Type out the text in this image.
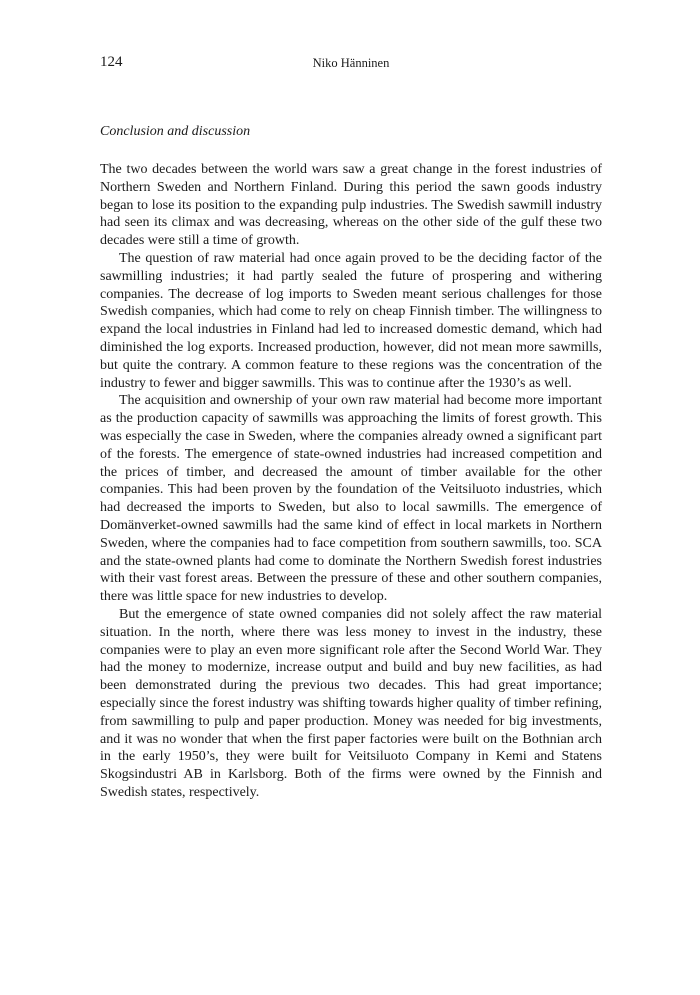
124	Niko Hänninen
Conclusion and discussion

The two decades between the world wars saw a great change in the forest industries of Northern Sweden and Northern Finland. During this period the sawn goods industry began to lose its position to the expanding pulp industries. The Swedish sawmill industry had seen its climax and was decreasing, whereas on the other side of the gulf these two decades were still a time of growth.

The question of raw material had once again proved to be the deciding factor of the sawmilling industries; it had partly sealed the future of prospering and withering companies. The decrease of log imports to Sweden meant serious challenges for those Swedish companies, which had come to rely on cheap Finnish timber. The willingness to expand the local industries in Finland had led to increased domestic demand, which had diminished the log exports. Increased production, however, did not mean more sawmills, but quite the contrary. A common feature to these regions was the concentration of the industry to fewer and bigger sawmills. This was to continue after the 1930’s as well.

The acquisition and ownership of your own raw material had become more important as the production capacity of sawmills was approaching the limits of forest growth. This was especially the case in Sweden, where the companies already owned a significant part of the forests. The emergence of state-owned industries had increased competition and the prices of timber, and decreased the amount of timber available for the other companies. This had been proven by the foundation of the Veitsiluoto industries, which had decreased the imports to Sweden, but also to local sawmills. The emergence of Domänverket-owned sawmills had the same kind of effect in local markets in Northern Sweden, where the companies had to face competition from southern sawmills, too. SCA and the state-owned plants had come to dominate the Northern Swedish forest industries with their vast forest areas. Between the pressure of these and other southern companies, there was little space for new industries to develop.

But the emergence of state owned companies did not solely affect the raw material situation. In the north, where there was less money to invest in the industry, these companies were to play an even more significant role after the Second World War. They had the money to modernize, increase output and build and buy new facilities, as had been demonstrated during the previous two decades. This had great importance; especially since the forest industry was shifting towards higher quality of timber refining, from sawmilling to pulp and paper production. Money was needed for big investments, and it was no wonder that when the first paper factories were built on the Bothnian arch in the early 1950’s, they were built for Veitsiluoto Company in Kemi and Statens Skogsindustri AB in Karlsborg. Both of the firms were owned by the Finnish and Swedish states, respectively.
